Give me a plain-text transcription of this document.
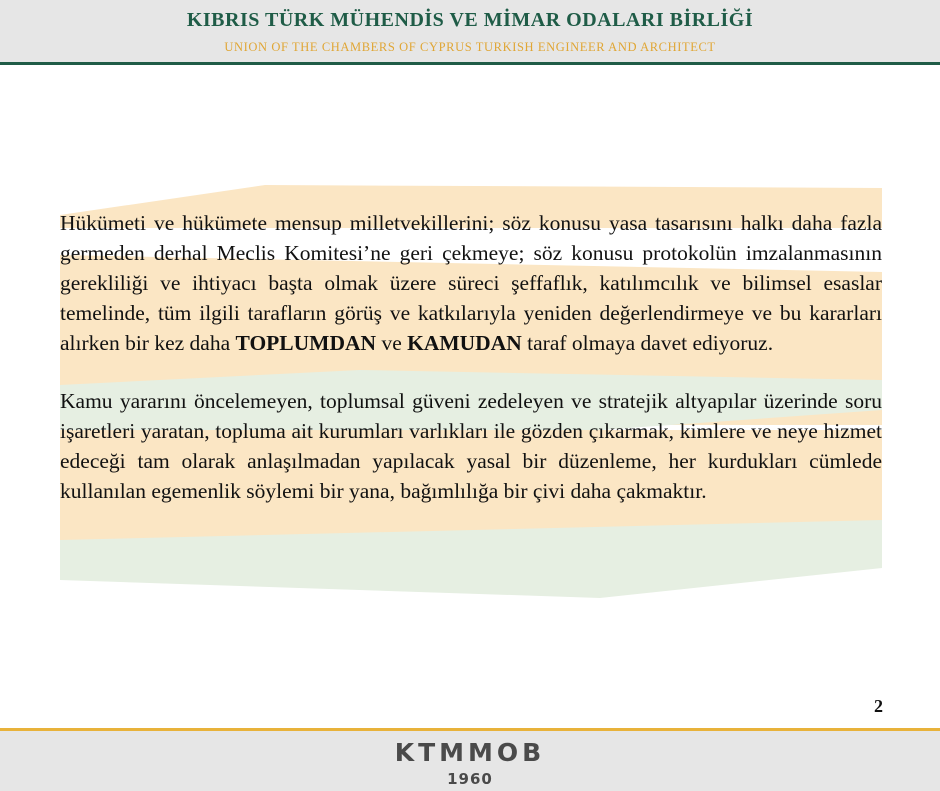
KIBRIS TÜRK MÜHENDİS VE MİMAR ODALARI BİRLİĞİ
UNION OF THE CHAMBERS OF CYPRUS TURKISH ENGINEER AND ARCHITECT

Hükümeti ve hükümete mensup milletvekillerini; söz konusu yasa tasarısını halkı daha fazla germeden derhal Meclis Komitesi’ne geri çekmeye; söz konusu protokolün imzalanmasının gerekliliği ve ihtiyacı başta olmak üzere süreci şeffaflık, katılımcılık ve bilimsel esaslar temelinde, tüm ilgili tarafların görüş ve katkılarıyla yeniden değerlendirmeye ve bu kararları alırken bir kez daha TOPLUMDAN ve KAMUDAN taraf olmaya davet ediyoruz.

Kamu yararını öncelemeyen, toplumsal güveni zedeleyen ve stratejik altyapılar üzerinde soru işaretleri yaratan, topluma ait kurumları varlıkları ile gözden çıkarmak, kimlere ve neye hizmet edeceği tam olarak anlaşılmadan yapılacak yasal bir düzenleme, her kurdukları cümlede kullanılan egemenlik söylemi bir yana, bağımlılığa bir çivi daha çakmaktır.

2
KTMMOB
1960
